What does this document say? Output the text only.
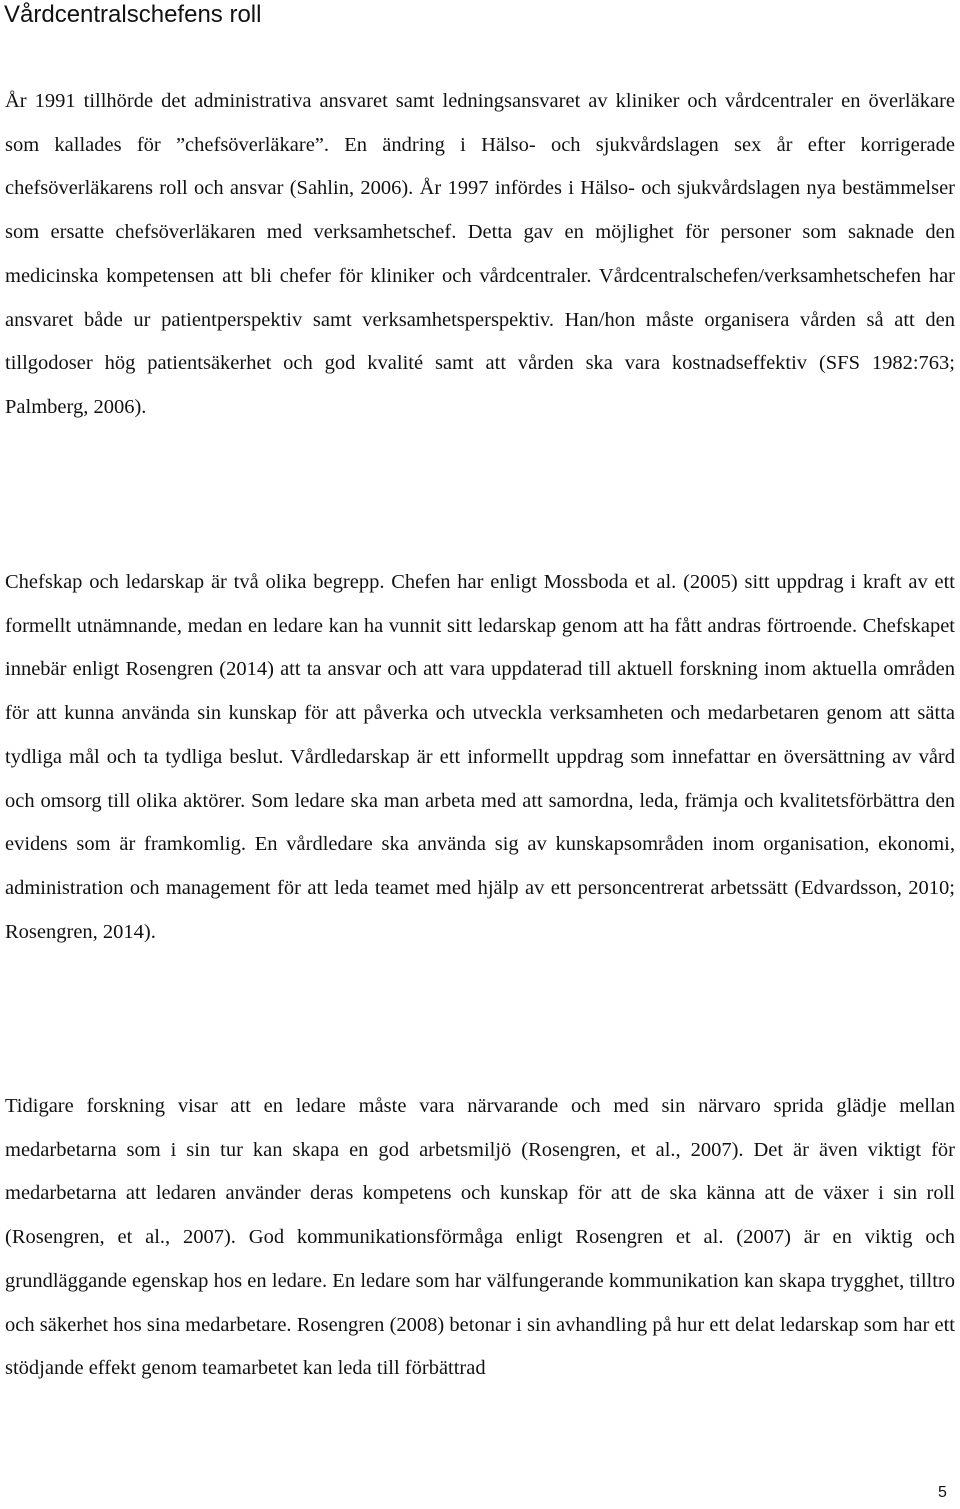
Vårdcentralschefens roll

År 1991 tillhörde det administrativa ansvaret samt ledningsansvaret av kliniker och vårdcentraler en överläkare som kallades för ”chefsöverläkare”. En ändring i Hälso- och sjukvårdslagen sex år efter korrigerade chefsöverläkarens roll och ansvar (Sahlin, 2006). År 1997 infördes i Hälso- och sjukvårdslagen nya bestämmelser som ersatte chefsöverläkaren med verksamhetschef. Detta gav en möjlighet för personer som saknade den medicinska kompetensen att bli chefer för kliniker och vårdcentraler. Vårdcentralschefen/verksamhetschefen har ansvaret både ur patientperspektiv samt verksamhetsperspektiv. Han/hon måste organisera vården så att den tillgodoser hög patientsäkerhet och god kvalité samt att vården ska vara kostnadseffektiv (SFS 1982:763; Palmberg, 2006).

Chefskap och ledarskap är två olika begrepp. Chefen har enligt Mossboda et al. (2005) sitt uppdrag i kraft av ett formellt utnämnande, medan en ledare kan ha vunnit sitt ledarskap genom att ha fått andras förtroende. Chefskapet innebär enligt Rosengren (2014) att ta ansvar och att vara uppdaterad till aktuell forskning inom aktuella områden för att kunna använda sin kunskap för att påverka och utveckla verksamheten och medarbetaren genom att sätta tydliga mål och ta tydliga beslut. Vårdledarskap är ett informellt uppdrag som innefattar en översättning av vård och omsorg till olika aktörer. Som ledare ska man arbeta med att samordna, leda, främja och kvalitetsförbättra den evidens som är framkomlig. En vårdledare ska använda sig av kunskapsområden inom organisation, ekonomi, administration och management för att leda teamet med hjälp av ett personcentrerat arbetssätt (Edvardsson, 2010; Rosengren, 2014).

Tidigare forskning visar att en ledare måste vara närvarande och med sin närvaro sprida glädje mellan medarbetarna som i sin tur kan skapa en god arbetsmiljö (Rosengren, et al., 2007). Det är även viktigt för medarbetarna att ledaren använder deras kompetens och kunskap för att de ska känna att de växer i sin roll (Rosengren, et al., 2007). God kommunikationsförmåga enligt Rosengren et al. (2007) är en viktig och grundläggande egenskap hos en ledare. En ledare som har välfungerande kommunikation kan skapa trygghet, tilltro och säkerhet hos sina medarbetare. Rosengren (2008) betonar i sin avhandling på hur ett delat ledarskap som har ett stödjande effekt genom teamarbetet kan leda till förbättrad

5
